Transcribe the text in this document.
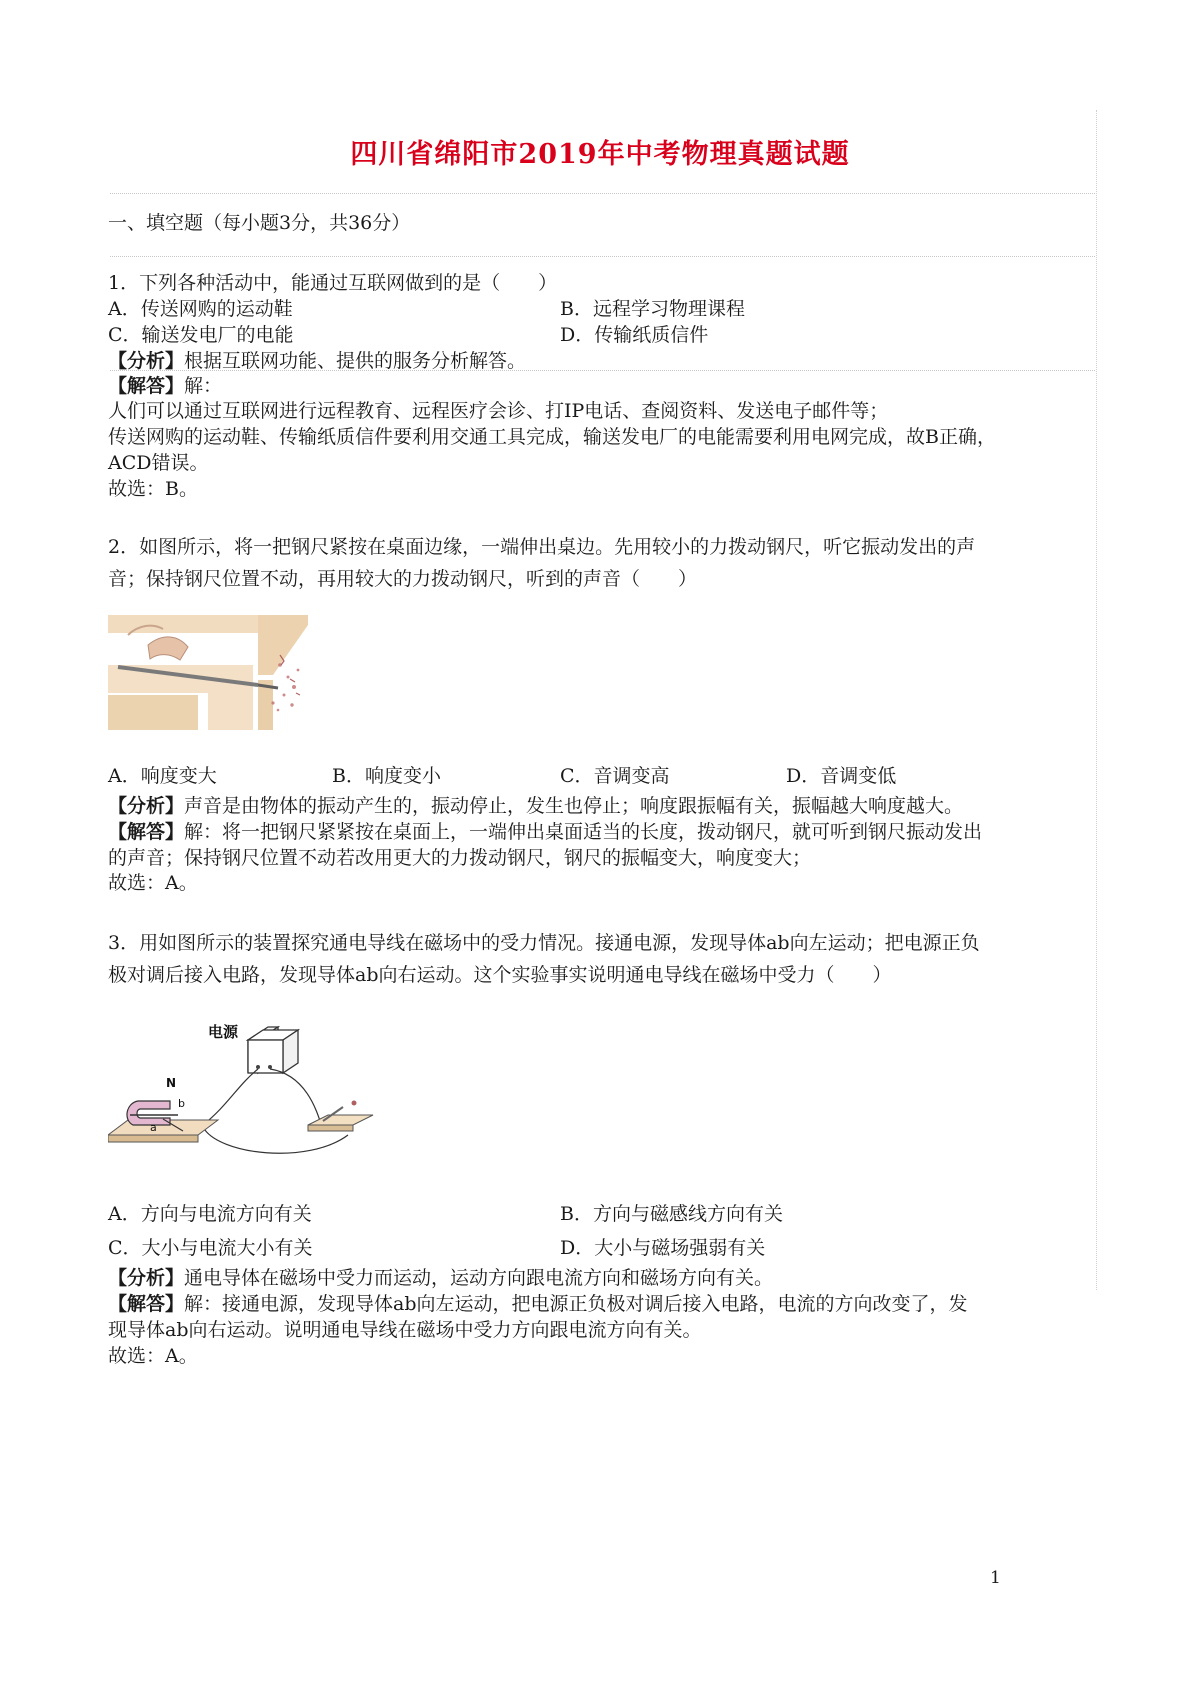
四川省绵阳市2019年中考物理真题试题
一、填空题（每小题3分，共36分）
1．下列各种活动中，能通过互联网做到的是（　　）
A．传送网购的运动鞋	B．远程学习物理课程
C．输送发电厂的电能	D．传输纸质信件
【分析】根据互联网功能、提供的服务分析解答。
【解答】解：
人们可以通过互联网进行远程教育、远程医疗会诊、打IP电话、查阅资料、发送电子邮件等；
传送网购的运动鞋、传输纸质信件要利用交通工具完成，输送发电厂的电能需要利用电网完成，故B正确，
ACD错误。
故选：B。
2．如图所示，将一把钢尺紧按在桌面边缘，一端伸出桌边。先用较小的力拨动钢尺，听它振动发出的声
音；保持钢尺位置不动，再用较大的力拨动钢尺，听到的声音（　　）
A．响度变大	B．响度变小	C．音调变高	D．音调变低
【分析】声音是由物体的振动产生的，振动停止，发生也停止；响度跟振幅有关，振幅越大响度越大。
【解答】解：将一把钢尺紧紧按在桌面上，一端伸出桌面适当的长度，拨动钢尺，就可听到钢尺振动发出
的声音；保持钢尺位置不动若改用更大的力拨动钢尺，钢尺的振幅变大，响度变大；
故选：A。
3．用如图所示的装置探究通电导线在磁场中的受力情况。接通电源，发现导体ab向左运动；把电源正负
极对调后接入电路，发现导体ab向右运动。这个实验事实说明通电导线在磁场中受力（　　）
电源
N
b
a
A．方向与电流方向有关	B．方向与磁感线方向有关
C．大小与电流大小有关	D．大小与磁场强弱有关
【分析】通电导体在磁场中受力而运动，运动方向跟电流方向和磁场方向有关。
【解答】解：接通电源，发现导体ab向左运动，把电源正负极对调后接入电路，电流的方向改变了，发
现导体ab向右运动。说明通电导线在磁场中受力方向跟电流方向有关。
故选：A。
1
